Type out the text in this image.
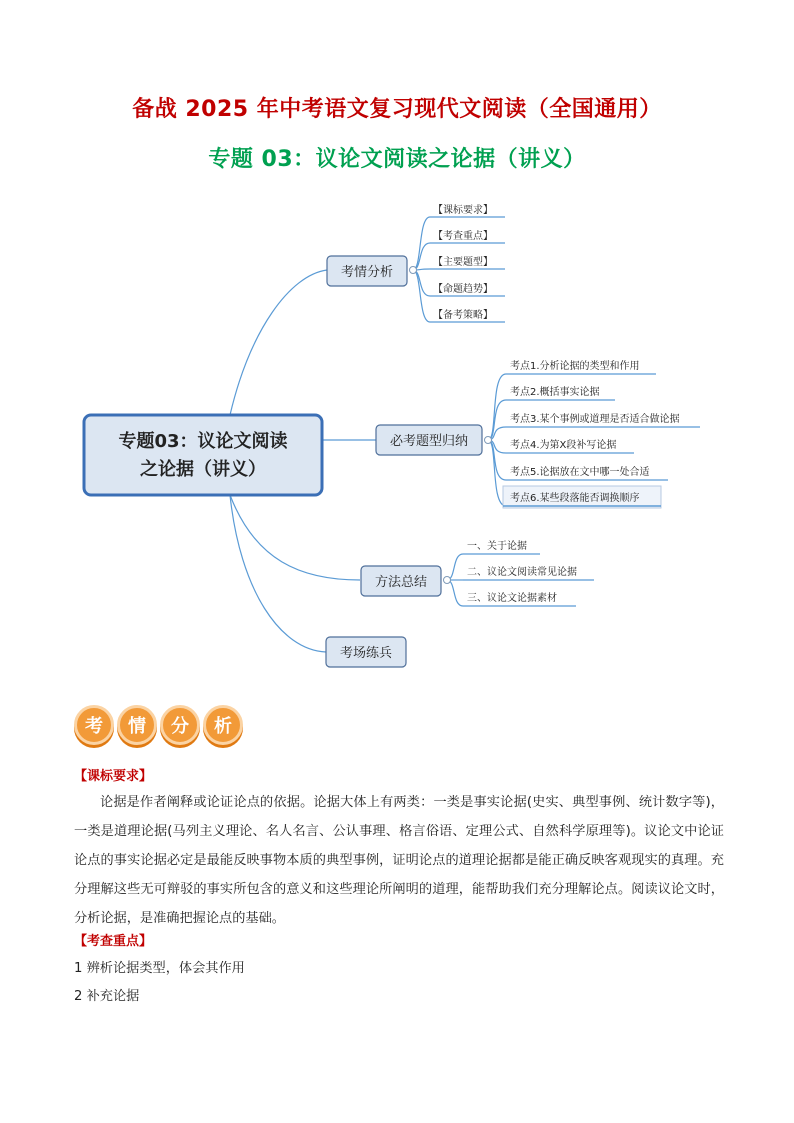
备战 2025 年中考语文复习现代文阅读（全国通用）
专题 03：议论文阅读之论据（讲义）
专题03：议论文阅读
之论据（讲义）
考情分析
必考题型归纳
方法总结
考场练兵
【课标要求】
【考查重点】
【主要题型】
【命题趋势】
【备考策略】
考点1.分析论据的类型和作用
考点2.概括事实论据
考点3.某个事例或道理是否适合做论据
考点4.为第X段补写论据
考点5.论据放在文中哪一处合适
考点6.某些段落能否调换顺序
一、关于论据
二、议论文阅读常见论据
三、议论文论据素材
考	情	分	析
【课标要求】
论据是作者阐释或论证论点的依据。论据大体上有两类：一类是事实论据(史实、典型事例、统计数字等)，一类是道理论据(马列主义理论、名人名言、公认事理、格言俗语、定理公式、自然科学原理等)。议论文中论证论点的事实论据必定是最能反映事物本质的典型事例，证明论点的道理论据都是能正确反映客观现实的真理。充分理解这些无可辩驳的事实所包含的意义和这些理论所阐明的道理，能帮助我们充分理解论点。阅读议论文时，分析论据，是准确把握论点的基础。
【考查重点】
1 辨析论据类型，体会其作用
2 补充论据
